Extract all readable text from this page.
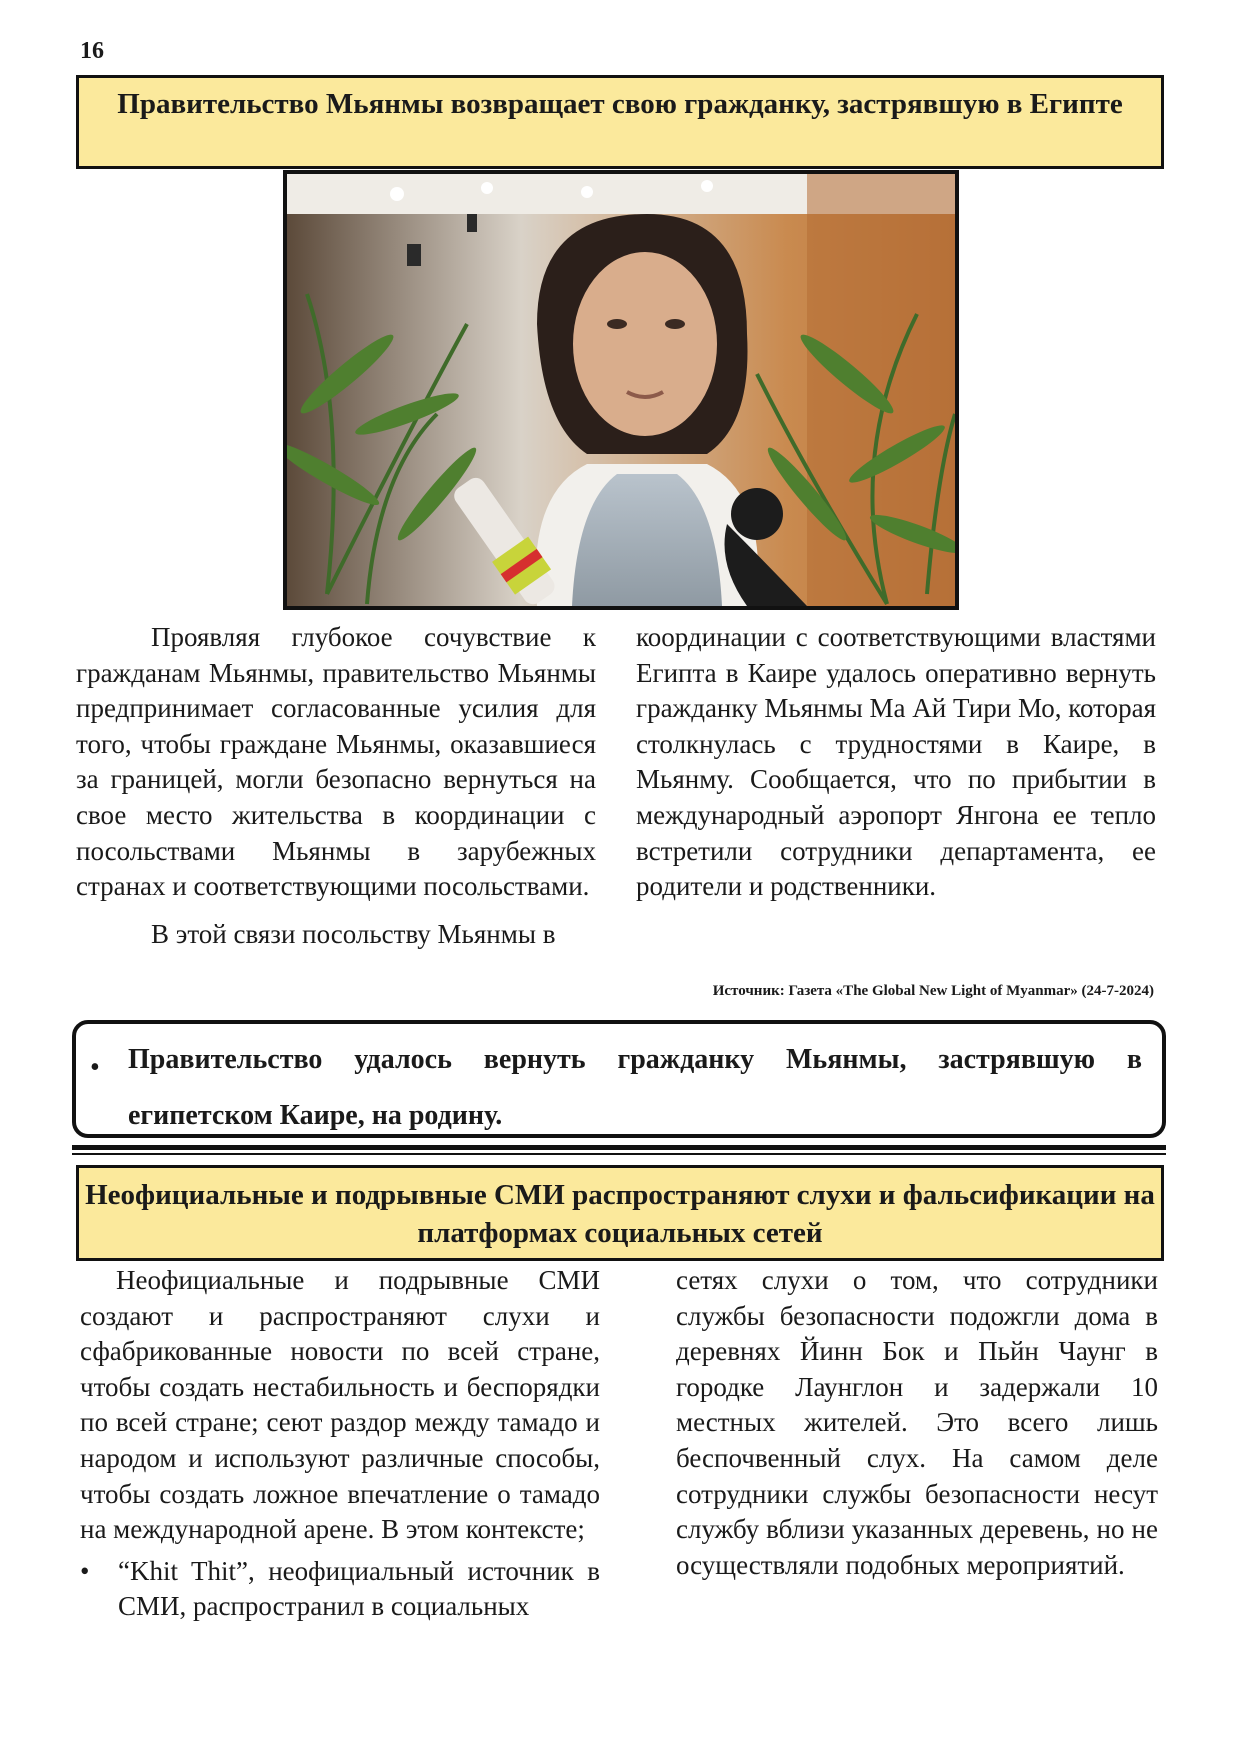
16
Правительство Мьянмы возвращает свою гражданку, застрявшую в Египте

Проявляя глубокое сочувствие к гражданам Мьянмы, правительство Мьянмы предпринимает согласованные усилия для того, чтобы граждане Мьянмы, оказавшиеся за границей, могли безопасно вернуться на свое место жительства в координации с посольствами Мьянмы в зарубежных странах и соответствующими посольствами.

В этой связи посольству Мьянмы в

координации с соответствующими властями Египта в Каире удалось оперативно вернуть гражданку Мьянмы Ма Ай Тири Мо, которая столкнулась с трудностями в Каире, в Мьянму. Сообщается, что по прибытии в международный аэропорт Янгона ее тепло встретили сотрудники департамента, ее родители и родственники.

Источник: Газета «The Global New Light of Myanmar» (24-7-2024)
•	Правительство удалось вернуть гражданку Мьянмы, застрявшую в египетском Каире, на родину.
Неофициальные и подрывные СМИ распространяют слухи и фальсификации на платформах социальных сетей

Неофициальные и подрывные СМИ создают и распространяют слухи и сфабрикованные новости по всей стране, чтобы создать нестабильность и беспорядки по всей стране; сеют раздор между тамадо и народом и используют различные способы, чтобы создать ложное впечатление о тамадо на международной арене. В этом контексте;

•	“Khit Thit”, неофициальный источник в СМИ, распространил в социальных

сетях слухи о том, что сотрудники службы безопасности подожгли дома в деревнях Йинн Бок и Пьйн Чаунг в городке Лаунглон и задержали 10 местных жителей. Это всего лишь беспочвенный слух. На самом деле сотрудники службы безопасности несут службу вблизи указанных деревень, но не осуществляли подобных мероприятий.
